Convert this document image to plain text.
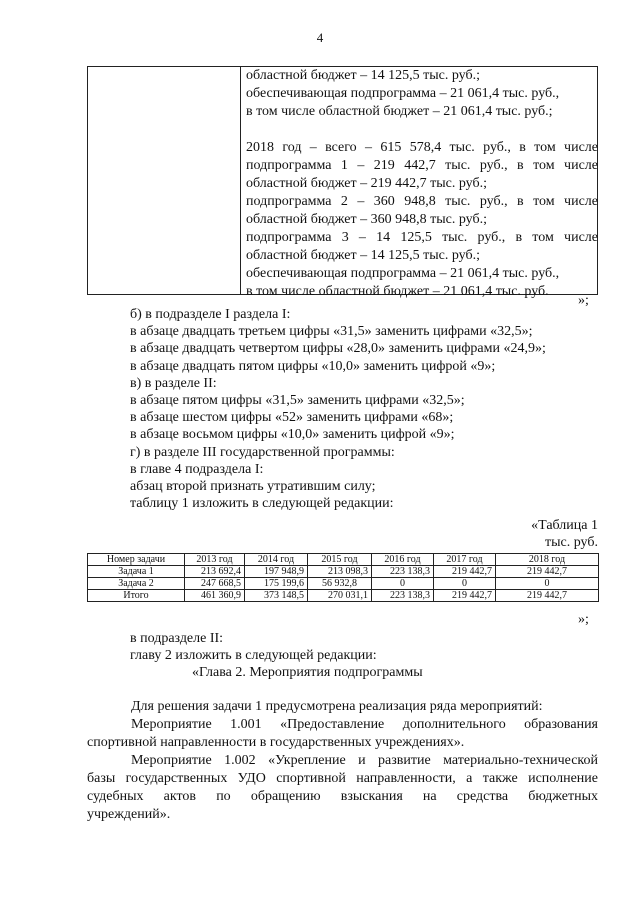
4
областной бюджет – 14 125,5 тыс. руб.;
обеспечивающая подпрограмма – 21 061,4 тыс. руб.,
в том числе областной бюджет – 21 061,4 тыс. руб.;
2018 год – всего – 615 578,4 тыс. руб., в том числе
подпрограмма 1 – 219 442,7 тыс. руб., в том числе
областной бюджет – 219 442,7 тыс. руб.;
подпрограмма 2 – 360 948,8 тыс. руб., в том числе
областной бюджет – 360 948,8 тыс. руб.;
подпрограмма 3 – 14 125,5 тыс. руб., в том числе
областной бюджет – 14 125,5 тыс. руб.;
обеспечивающая подпрограмма – 21 061,4 тыс. руб.,
в том числе областной бюджет – 21 061,4 тыс. руб.
»;
б) в подразделе I раздела I:
в абзаце двадцать третьем цифры «31,5» заменить цифрами «32,5»;
в абзаце двадцать четвертом цифры «28,0» заменить цифрами «24,9»;
в абзаце двадцать пятом цифры «10,0» заменить цифрой «9»;
в) в разделе II:
в абзаце пятом цифры «31,5» заменить цифрами «32,5»;
в абзаце шестом цифры «52» заменить цифрами «68»;
в абзаце восьмом цифры «10,0» заменить цифрой «9»;
г) в разделе III государственной программы:
в главе 4 подраздела I:
абзац второй признать утратившим силу;
таблицу 1 изложить в следующей редакции:
«Таблица 1
тыс. руб.
Номер задачи	2013 год	2014 год	2015 год	2016 год	2017 год	2018 год
Задача 1	213 692,4	197 948,9	213 098,3	223 138,3	219 442,7	219 442,7
Задача 2	247 668,5	175 199,6	56 932,8	0	0	0
Итого	461 360,9	373 148,5	270 031,1	223 138,3	219 442,7	219 442,7
»;
в подразделе II:
главу 2 изложить в следующей редакции:
«Глава 2. Мероприятия подпрограммы
Для решения задачи 1 предусмотрена реализация ряда мероприятий:
Мероприятие 1.001 «Предоставление дополнительного образования
спортивной направленности в государственных учреждениях».
Мероприятие 1.002 «Укрепление и развитие материально-технической
базы государственных УДО спортивной направленности, а также исполнение
судебных актов по обращению взыскания на средства бюджетных
учреждений».
